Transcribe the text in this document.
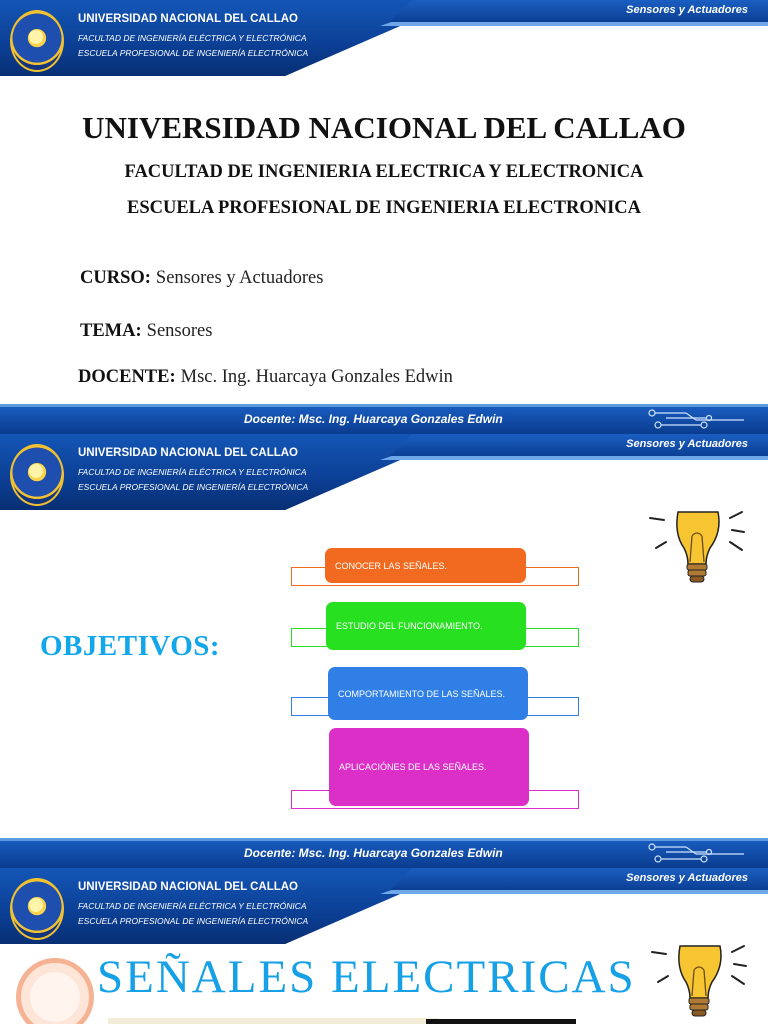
Sensores y Actuadores
UNIVERSIDAD NACIONAL DEL CALLAO
FACULTAD DE INGENIERÍA ELÉCTRICA Y ELECTRÓNICA
ESCUELA PROFESIONAL DE INGENIERÍA ELECTRÓNICA
UNIVERSIDAD NACIONAL DEL CALLAO
FACULTAD DE INGENIERIA ELECTRICA Y ELECTRONICA
ESCUELA PROFESIONAL DE INGENIERIA ELECTRONICA
CURSO: Sensores y Actuadores
TEMA: Sensores
DOCENTE: Msc. Ing. Huarcaya Gonzales Edwin
Docente: Msc. Ing. Huarcaya Gonzales Edwin
Sensores y Actuadores
UNIVERSIDAD NACIONAL DEL CALLAO
FACULTAD DE INGENIERÍA ELÉCTRICA Y ELECTRÓNICA
ESCUELA PROFESIONAL DE INGENIERÍA ELECTRÓNICA
OBJETIVOS:
CONOCER LAS SEÑALES.
ESTUDIO DEL FUNCIONAMIENTO.
COMPORTAMIENTO DE LAS SEÑALES.
APLICACIÓNES DE LAS SEÑALES.
Docente: Msc. Ing. Huarcaya Gonzales Edwin
Sensores y Actuadores
UNIVERSIDAD NACIONAL DEL CALLAO
FACULTAD DE INGENIERÍA ELÉCTRICA Y ELECTRÓNICA
ESCUELA PROFESIONAL DE INGENIERÍA ELECTRÓNICA
SEÑALES ELECTRICAS
